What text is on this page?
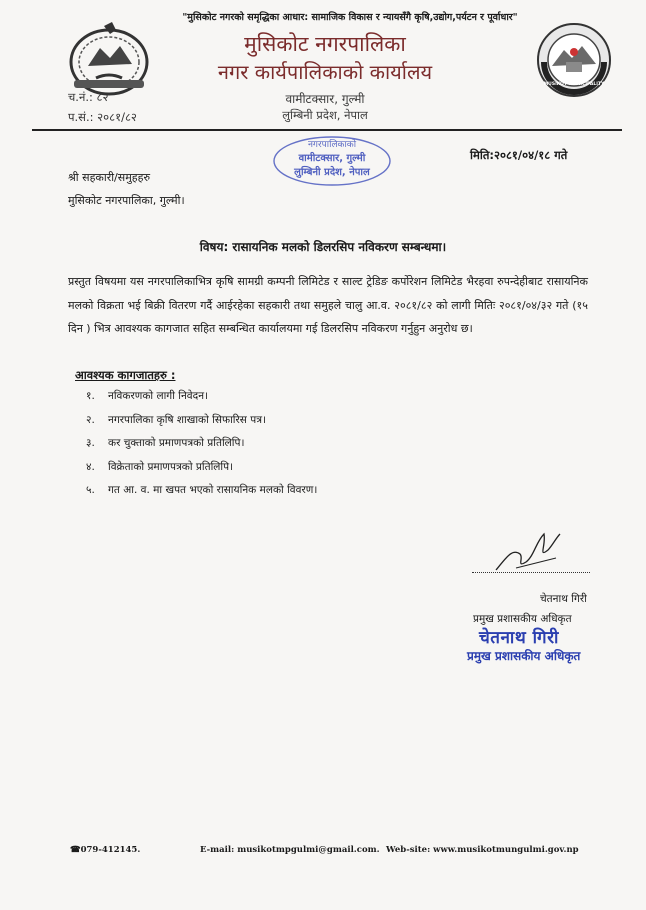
MUSIKOT MUNICIPALITY
"मुसिकोट नगरको समृद्धिका आधार: सामाजिक विकास र न्यायसँगै कृषि,उद्योग,पर्यटन र पूर्वाधार"
मुसिकोट नगरपालिका
नगर कार्यपालिकाको कार्यालय
वामीटक्सार, गुल्मी
लुम्बिनी प्रदेश, नेपाल
च.नं.: ८२
प.सं.: २०८१/८२
नगरपालिकाको
वामीटक्सार, गुल्मी
लुम्बिनी प्रदेश, नेपाल
मिति:२०८१/०४/१८ गते
श्री सहकारी/समुहहरु
मुसिकोट नगरपालिका, गुल्मी।
विषय: रासायनिक मलको डिलरसिप नविकरण सम्बन्धमा।
प्रस्तुत विषयमा यस नगरपालिकाभित्र कृषि सामग्री कम्पनी लिमिटेड र साल्ट ट्रेडिङ कर्पोरेशन लिमिटेड भैरहवा रुपन्देहीबाट रासायनिक मलको विक्रता भई बिक्री वितरण गर्दै आईरहेका सहकारी तथा समुहले चालु आ.व. २०८१/८२ को लागी मितिः २०८१/०४/३२ गते (१५ दिन ) भित्र आवश्यक कागजात सहित सम्बन्धित कार्यालयमा गई डिलरसिप नविकरण गर्नुहुन अनुरोध छ।
आवश्यक कागजातहरु :
१. नविकरणको लागी निवेदन।
२. नगरपालिका कृषि शाखाको सिफारिस पत्र।
३. कर चुक्ताको प्रमाणपत्रको प्रतिलिपि।
४. विक्रेताको प्रमाणपत्रको प्रतिलिपि।
५. गत आ. व. मा खपत भएको रासायनिक मलको विवरण।
चेतनाथ गिरी
प्रमुख प्रशासकीय अधिकृत
चेतनाथ गिरी
प्रमुख प्रशासकीय अधिकृत
☎079-412145.	E-mail: musikotmpgulmi@gmail.com. Web-site: www.musikotmungulmi.gov.np
